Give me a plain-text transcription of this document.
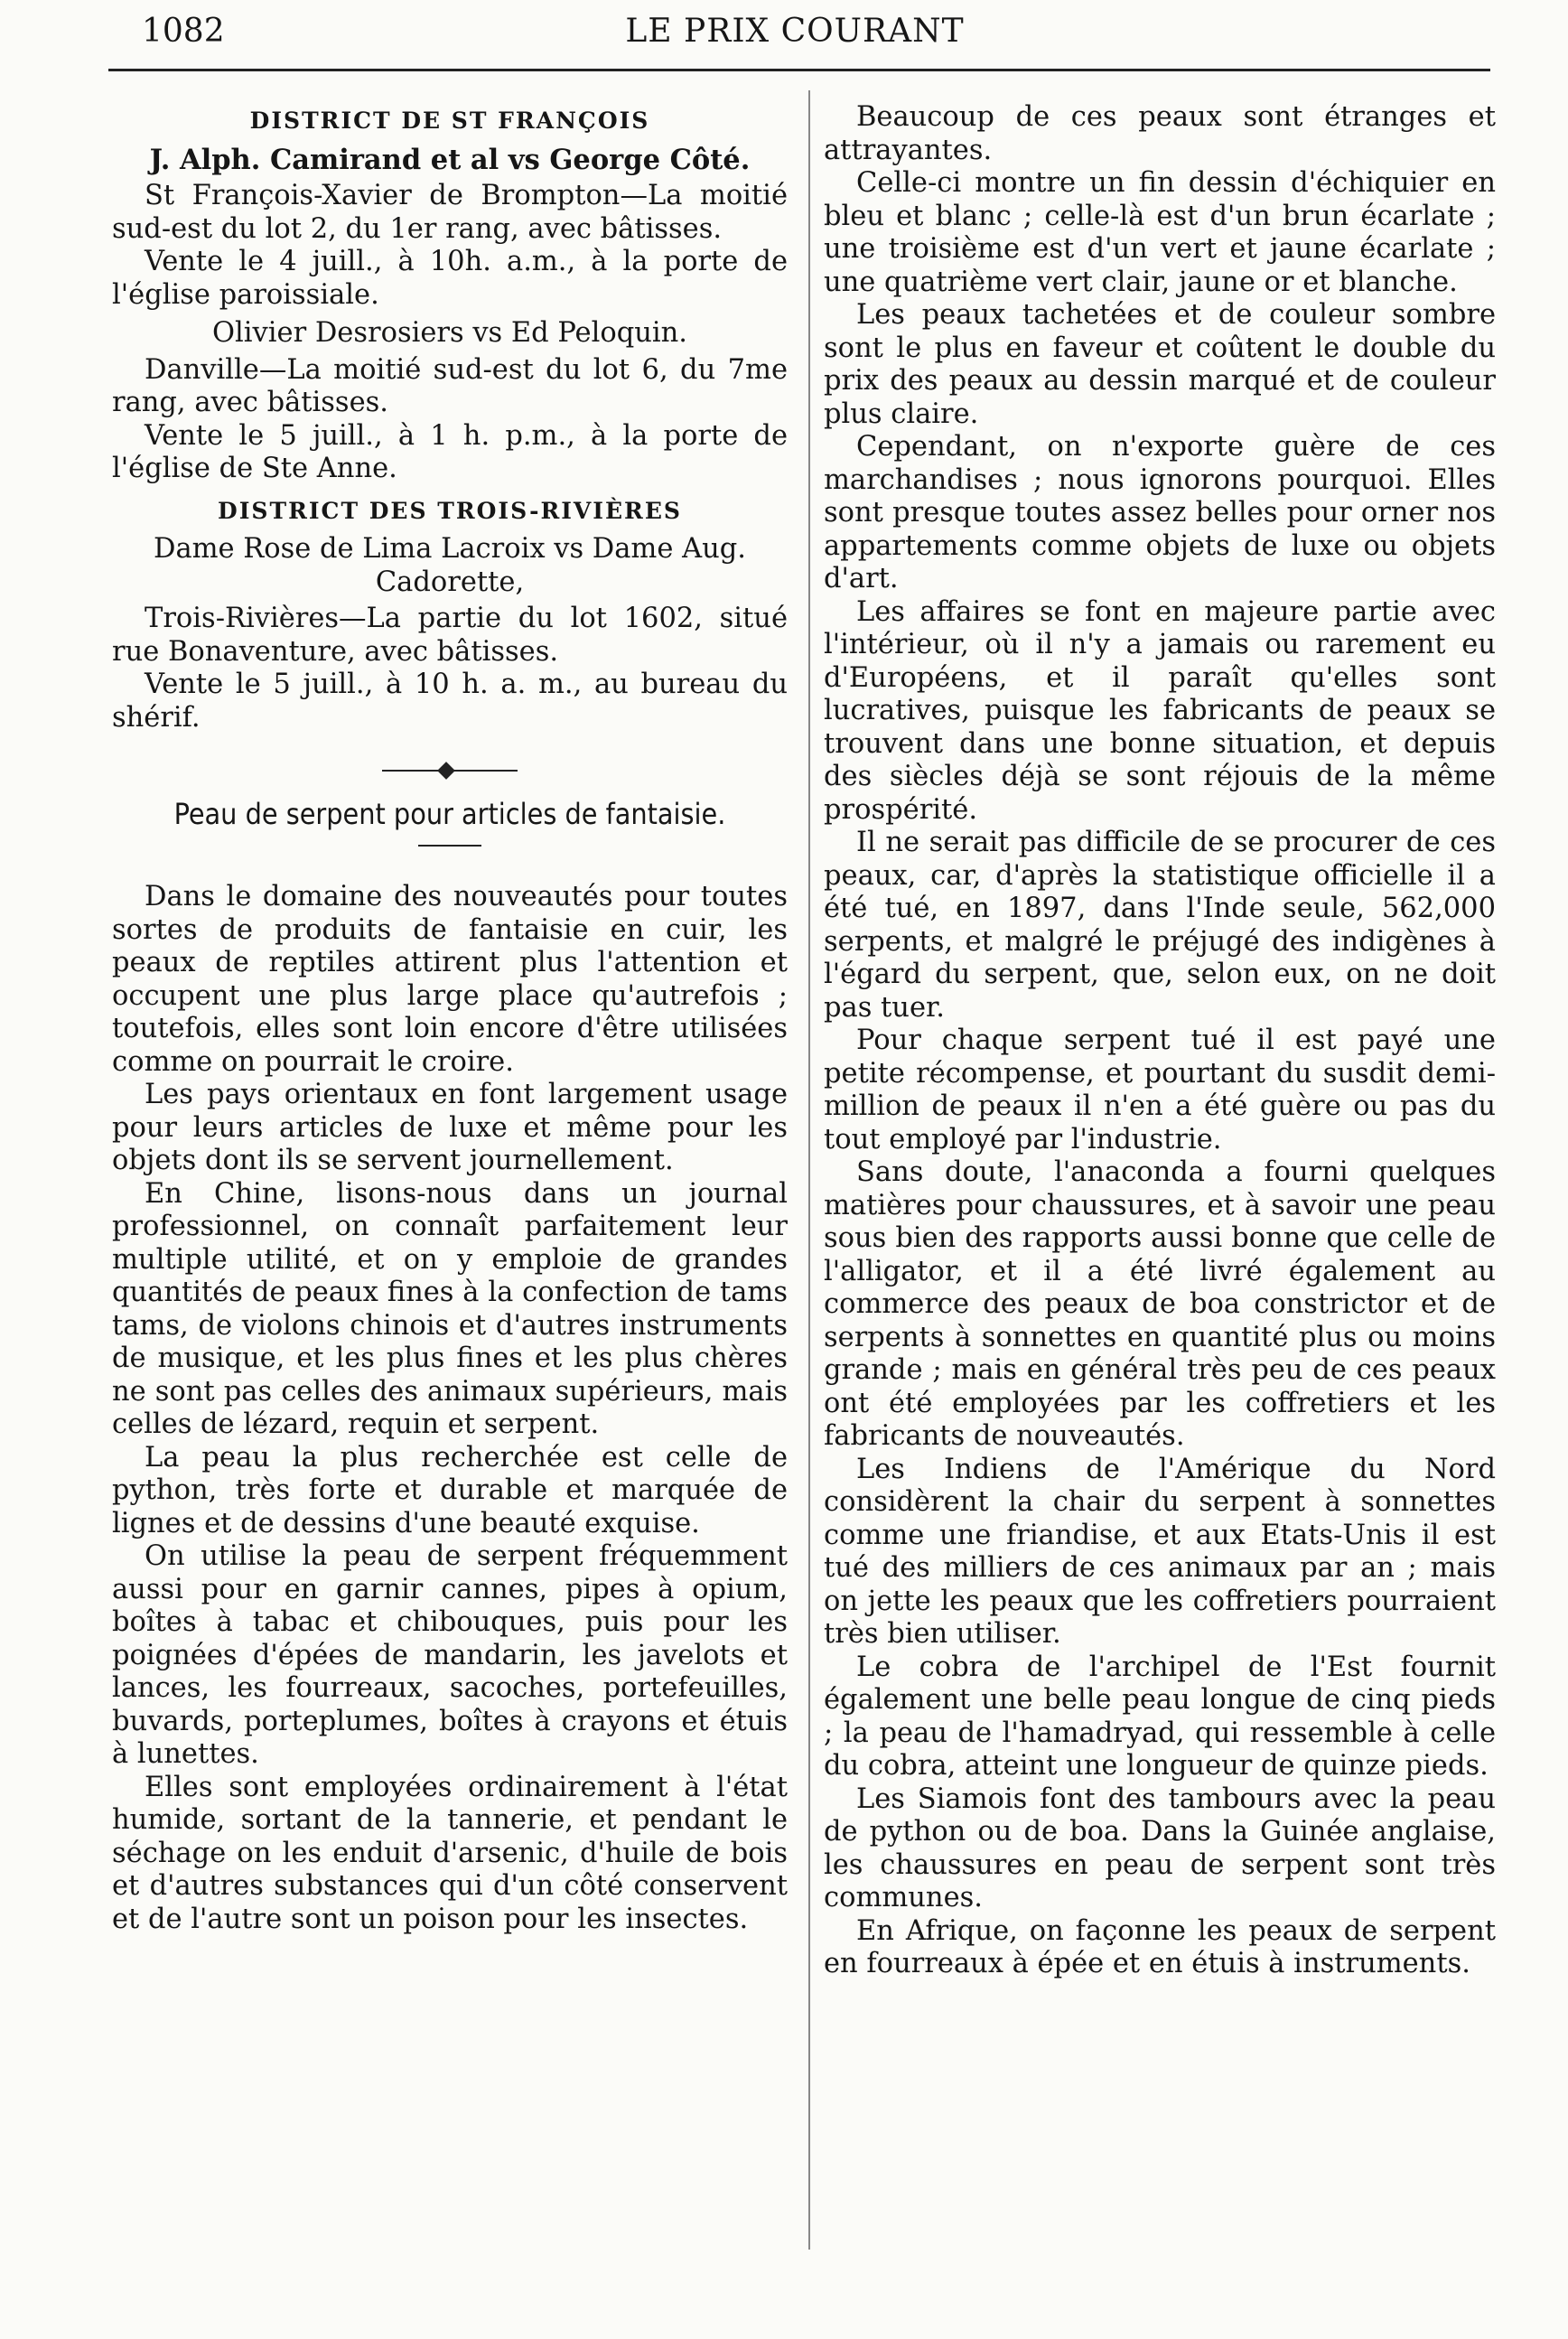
1082	LE PRIX COURANT
DISTRICT DE ST FRANÇOIS

J. Alph. Camirand et al vs George Côté.

St François-Xavier de Brompton—La moitié sud-est du lot 2, du 1er rang, avec bâtisses.

Vente le 4 juill., à 10h. a.m., à la porte de l'église paroissiale.

Olivier Desrosiers vs Ed Peloquin.

Danville—La moitié sud-est du lot 6, du 7me rang, avec bâtisses.

Vente le 5 juill., à 1 h. p.m., à la porte de l'église de Ste Anne.

DISTRICT DES TROIS-RIVIÈRES

Dame Rose de Lima Lacroix vs Dame Aug. Cadorette,

Trois-Rivières—La partie du lot 1602, situé rue Bonaventure, avec bâtisses.

Vente le 5 juill., à 10 h. a. m., au bureau du shérif.

Peau de serpent pour articles de fantaisie.

Dans le domaine des nouveautés pour toutes sortes de produits de fantaisie en cuir, les peaux de reptiles attirent plus l'attention et occupent une plus large place qu'autrefois ; toutefois, elles sont loin encore d'être utilisées comme on pourrait le croire.

Les pays orientaux en font largement usage pour leurs articles de luxe et même pour les objets dont ils se servent journellement.

En Chine, lisons-nous dans un journal professionnel, on connaît parfaitement leur multiple utilité, et on y emploie de grandes quantités de peaux fines à la confection de tams tams, de violons chinois et d'autres instruments de musique, et les plus fines et les plus chères ne sont pas celles des animaux supérieurs, mais celles de lézard, requin et serpent.

La peau la plus recherchée est celle de python, très forte et durable et marquée de lignes et de dessins d'une beauté exquise.

On utilise la peau de serpent fréquemment aussi pour en garnir cannes, pipes à opium, boîtes à tabac et chibouques, puis pour les poignées d'épées de mandarin, les javelots et lances, les fourreaux, sacoches, portefeuilles, buvards, porteplumes, boîtes à crayons et étuis à lunettes.

Elles sont employées ordinairement à l'état humide, sortant de la tannerie, et pendant le séchage on les enduit d'arsenic, d'huile de bois et d'autres substances qui d'un côté conservent et de l'autre sont un poison pour les insectes.

Beaucoup de ces peaux sont étranges et attrayantes.

Celle-ci montre un fin dessin d'échiquier en bleu et blanc ; celle-là est d'un brun écarlate ; une troisième est d'un vert et jaune écarlate ; une quatrième vert clair, jaune or et blanche.

Les peaux tachetées et de couleur sombre sont le plus en faveur et coûtent le double du prix des peaux au dessin marqué et de couleur plus claire.

Cependant, on n'exporte guère de ces marchandises ; nous ignorons pourquoi. Elles sont presque toutes assez belles pour orner nos appartements comme objets de luxe ou objets d'art.

Les affaires se font en majeure partie avec l'intérieur, où il n'y a jamais ou rarement eu d'Européens, et il paraît qu'elles sont lucratives, puisque les fabricants de peaux se trouvent dans une bonne situation, et depuis des siècles déjà se sont réjouis de la même prospérité.

Il ne serait pas difficile de se procurer de ces peaux, car, d'après la statistique officielle il a été tué, en 1897, dans l'Inde seule, 562,000 serpents, et malgré le préjugé des indigènes à l'égard du serpent, que, selon eux, on ne doit pas tuer.

Pour chaque serpent tué il est payé une petite récompense, et pourtant du susdit demi-million de peaux il n'en a été guère ou pas du tout employé par l'industrie.

Sans doute, l'anaconda a fourni quelques matières pour chaussures, et à savoir une peau sous bien des rapports aussi bonne que celle de l'alligator, et il a été livré également au commerce des peaux de boa constrictor et de serpents à sonnettes en quantité plus ou moins grande ; mais en général très peu de ces peaux ont été employées par les coffretiers et les fabricants de nouveautés.

Les Indiens de l'Amérique du Nord considèrent la chair du serpent à sonnettes comme une friandise, et aux Etats-Unis il est tué des milliers de ces animaux par an ; mais on jette les peaux que les coffretiers pourraient très bien utiliser.

Le cobra de l'archipel de l'Est fournit également une belle peau longue de cinq pieds ; la peau de l'hamadryad, qui ressemble à celle du cobra, atteint une longueur de quinze pieds.

Les Siamois font des tambours avec la peau de python ou de boa. Dans la Guinée anglaise, les chaussures en peau de serpent sont très communes.

En Afrique, on façonne les peaux de serpent en fourreaux à épée et en étuis à instruments.
